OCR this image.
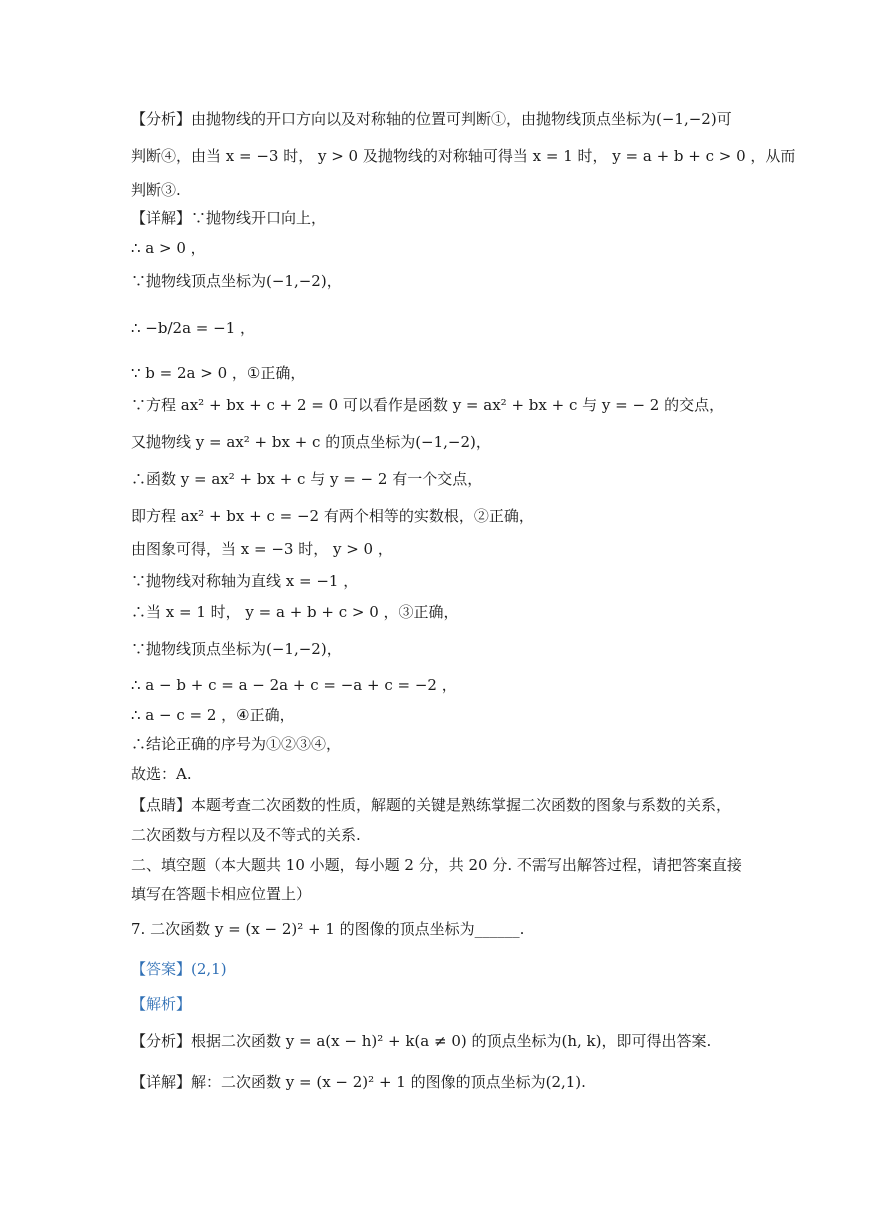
【分析】由抛物线的开口方向以及对称轴的位置可判断①，由抛物线顶点坐标为(−1,−2)可
判断④，由当 x = −3 时， y > 0 及抛物线的对称轴可得当 x = 1 时， y = a + b + c > 0 ，从而
判断③.
【详解】∵抛物线开口向上，
∴ a > 0 ，
∵抛物线顶点坐标为(−1,−2)，
∴ −b/2a = −1 ，
∵ b = 2a > 0 ，①正确，
∵方程 ax² + bx + c + 2 = 0 可以看作是函数 y = ax² + bx + c 与 y = − 2 的交点，
又抛物线 y = ax² + bx + c 的顶点坐标为(−1,−2)，
∴函数 y = ax² + bx + c 与 y = − 2 有一个交点，
即方程 ax² + bx + c = −2 有两个相等的实数根，②正确，
由图象可得，当 x = −3 时， y > 0 ，
∵抛物线对称轴为直线 x = −1 ，
∴当 x = 1 时， y = a + b + c > 0 ，③正确，
∵抛物线顶点坐标为(−1,−2)，
∴ a − b + c = a − 2a + c = −a + c = −2 ，
∴ a − c = 2 ，④正确，
∴结论正确的序号为①②③④，
故选：A.
【点睛】本题考查二次函数的性质，解题的关键是熟练掌握二次函数的图象与系数的关系，
二次函数与方程以及不等式的关系.
二、填空题（本大题共 10 小题，每小题 2 分，共 20 分. 不需写出解答过程，请把答案直接
填写在答题卡相应位置上）
7. 二次函数 y = (x − 2)² + 1 的图像的顶点坐标为______.
【答案】(2,1)
【解析】
【分析】根据二次函数 y = a(x − h)² + k(a ≠ 0) 的顶点坐标为(h, k)，即可得出答案.
【详解】解：二次函数 y = (x − 2)² + 1 的图像的顶点坐标为(2,1).
